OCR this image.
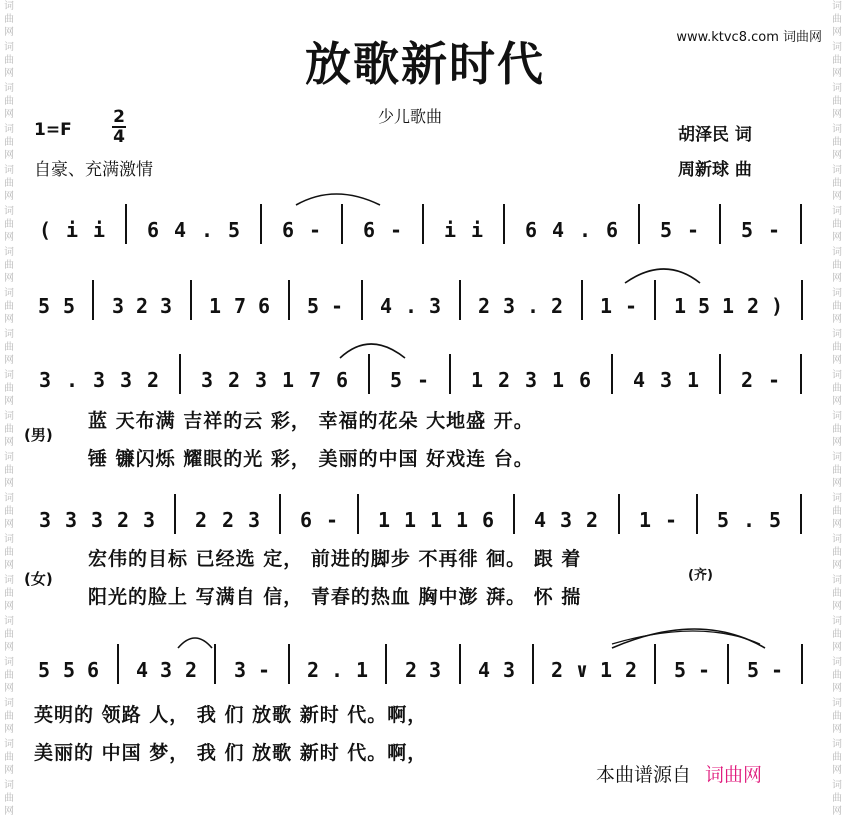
词
曲
网
词
曲
网
词
曲
网
词
曲
网
词
曲
网
词
曲
网
词
曲
网
词
曲
网
词
曲
网
词
曲
网
词
曲
网
词
曲
网
词
曲
网
词
曲
网
词
曲
网
词
曲
网
词
曲
网
词
曲
网
词
曲
网
词
曲
网
词
曲
网
词
曲
网
词
曲
网
词
曲
网
词
曲
网
词
曲
网
词
曲
网
词
曲
网
词
曲
网
词
曲
网
词
曲
网
词
曲
网
词
曲
网
词
曲
网
词
曲
网
词
曲
网
词
曲
网
词
曲
网
词
曲
网
词
曲
网
www.ktvc8.com 词曲网
放歌新时代
少儿歌曲
1=F
2
4
自豪、充满激情
胡泽民 词
周新球 曲
( i i 6 4 . 5 6 - 6 - i i 6 4 . 6 5 - 5 -
5 5 3 2 3 1 7 6 5 - 4 . 3 2 3 . 2 1 - 1 5 1 2 )
3 . 3 3 2 3 2 3 1 7 6 5 - 1 2 3 1 6 4 3 1 2 -
(男)
蓝 天布满 吉祥的云 彩， 幸福的花朵 大地盛 开。
锤 镰闪烁 耀眼的光 彩， 美丽的中国 好戏连 台。
3 3 3 2 3 2 2 3 6 - 1 1 1 1 6 4 3 2 1 - 5 . 5
(女)	(齐)
宏伟的目标 已经选 定， 前进的脚步 不再徘 徊。 跟 着
阳光的脸上 写满自 信， 青春的热血 胸中澎 湃。 怀 揣
5 5 6 4 3 2 3 - 2 . 1 2 3 4 3 2 ∨ 1 2 5 - 5 -
英明的 领路 人， 我 们 放歌 新时 代。啊，
美丽的 中国 梦， 我 们 放歌 新时 代。啊，
本曲谱源自 词曲网
